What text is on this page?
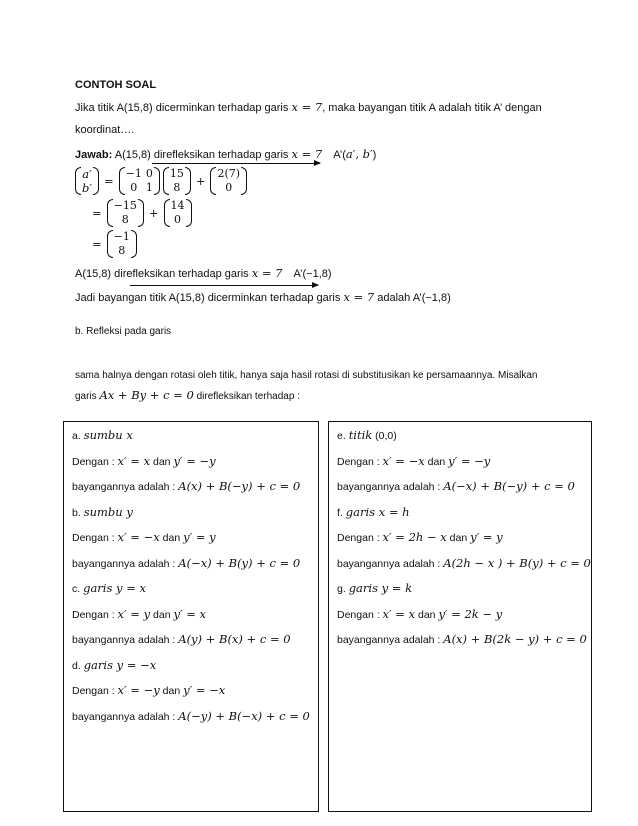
CONTOH SOAL
Jika titik A(15,8) dicerminkan terhadap garis x = 7, maka bayangan titik A adalah titik A’ dengan
koordinat….
Jawab: A(15,8) direfleksikan terhadap garis x = 7 A’(a′, b′)
a′
b′ =
−1	0
0	1
15
8 +
2(7)
0
=
−15
8 +
14
0
=
−1
8
A(15,8) direfleksikan terhadap garis x = 7 A’(−1,8)
Jadi bayangan titik A(15,8) dicerminkan terhadap garis x = 7 adalah A’(−1,8)
b. Refleksi pada garis
sama halnya dengan rotasi oleh titik, hanya saja hasil rotasi di substitusikan ke persamaannya. Misalkan
garis Ax + By + c = 0 direfleksikan terhadap :
a. sumbu x
Dengan : x′ = x dan y′ = −y
bayangannya adalah : A(x) + B(−y) + c = 0
b. sumbu y
Dengan : x′ = −x dan y′ = y
bayangannya adalah : A(−x) + B(y) + c = 0
c. garis y = x
Dengan : x′ = y dan y′ = x
bayangannya adalah : A(y) + B(x) + c = 0
d. garis y = −x
Dengan : x′ = −y dan y′ = −x
bayangannya adalah : A(−y) + B(−x) + c = 0
e. titik (0,0)
Dengan : x′ = −x dan y′ = −y
bayangannya adalah : A(−x) + B(−y) + c = 0
f. garis x = h
Dengan : x′ = 2h − x dan y′ = y
bayangannya adalah : A(2h − x ) + B(y) + c = 0
g. garis y = k
Dengan : x′ = x dan y′ = 2k − y
bayangannya adalah : A(x) + B(2k − y) + c = 0
